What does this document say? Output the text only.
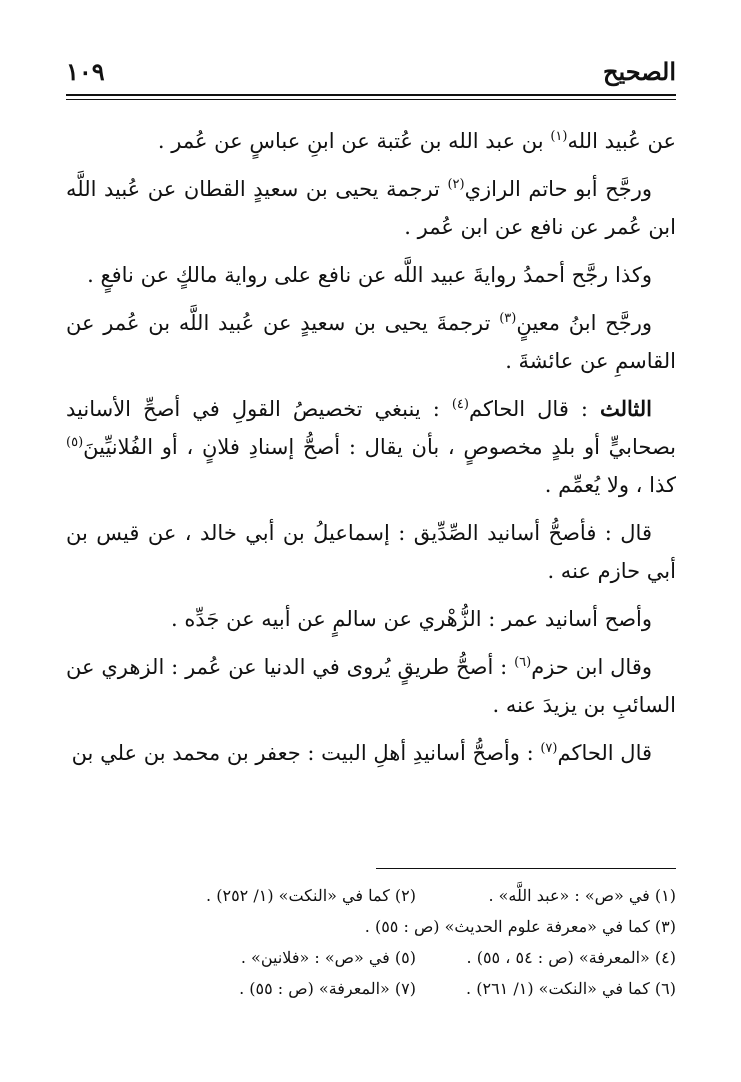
الصحيح
١٠٩

عن عُبيد الله$^{(١)}$ بن عبد الله بن عُتبة عن ابنِ عباسٍ عن عُمر .

ورجَّح أبو حاتم الرازي$^{(٢)}$ ترجمة يحيى بن سعيدٍ القطان عن عُبيد اللَّه ابن عُمر عن نافع عن ابن عُمر .

وكذا رجَّح أحمدُ روايةَ عبيد اللَّه عن نافع على رواية مالكٍ عن نافعٍ .

ورجَّح ابنُ معينٍ$^{(٣)}$ ترجمةَ يحيى بن سعيدٍ عن عُبيد اللَّه بن عُمر عن القاسمِ عن عائشةَ .

الثالث : قال الحاكم$^{(٤)}$ : ينبغي تخصيصُ القولِ في أصحِّ الأسانيد بصحابيٍّ أو بلدٍ مخصوصٍ ، بأن يقال : أصحُّ إسنادِ فلانٍ ، أو الفُلانيِّينَ$^{(٥)}$ كذا ، ولا يُعمِّم .

قال : فأصحُّ أسانيد الصِّدِّيق : إسماعيلُ بن أبي خالد ، عن قيس بن أبي حازم عنه .

وأصح أسانيد عمر : الزُّهْري عن سالمٍ عن أبيه عن جَدِّه .

وقال ابن حزم$^{(٦)}$ : أصحُّ طريقٍ يُروى في الدنيا عن عُمر : الزهري عن السائبِ بن يزيدَ عنه .

قال الحاكم$^{(٧)}$ : وأصحُّ أسانيدِ أهلِ البيت : جعفر بن محمد بن علي بن

(١) في «ص» : «عبد اللَّه» .
(٢) كما في «النكت» (١/ ٢٥٢) .
(٣) كما في «معرفة علوم الحديث» (ص : ٥٥) .
(٤) «المعرفة» (ص : ٥٤ ، ٥٥) .
(٥) في «ص» : «فلانين» .
(٦) كما في «النكت» (١/ ٢٦١) .
(٧) «المعرفة» (ص : ٥٥) .
